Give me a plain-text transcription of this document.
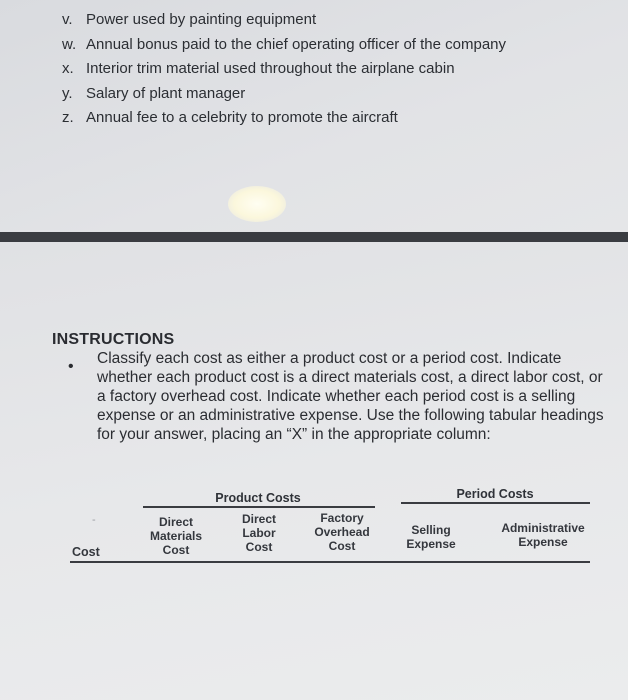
v. Power used by painting equipment
w. Annual bonus paid to the chief operating officer of the company
x. Interior trim material used throughout the airplane cabin
y. Salary of plant manager
z. Annual fee to a celebrity to promote the aircraft
INSTRUCTIONS
• Classify each cost as either a product cost or a period cost. Indicate whether each product cost is a direct materials cost, a direct labor cost, or a factory overhead cost. Indicate whether each period cost is a selling expense or an administrative expense. Use the following tabular headings for your answer, placing an “X” in the appropriate column:
Product Costs	Period Costs
-	Direct
Materials
Cost
Direct
Labor
Cost
Factory
Overhead
Cost
Selling
Expense
Administrative
Expense
Cost
